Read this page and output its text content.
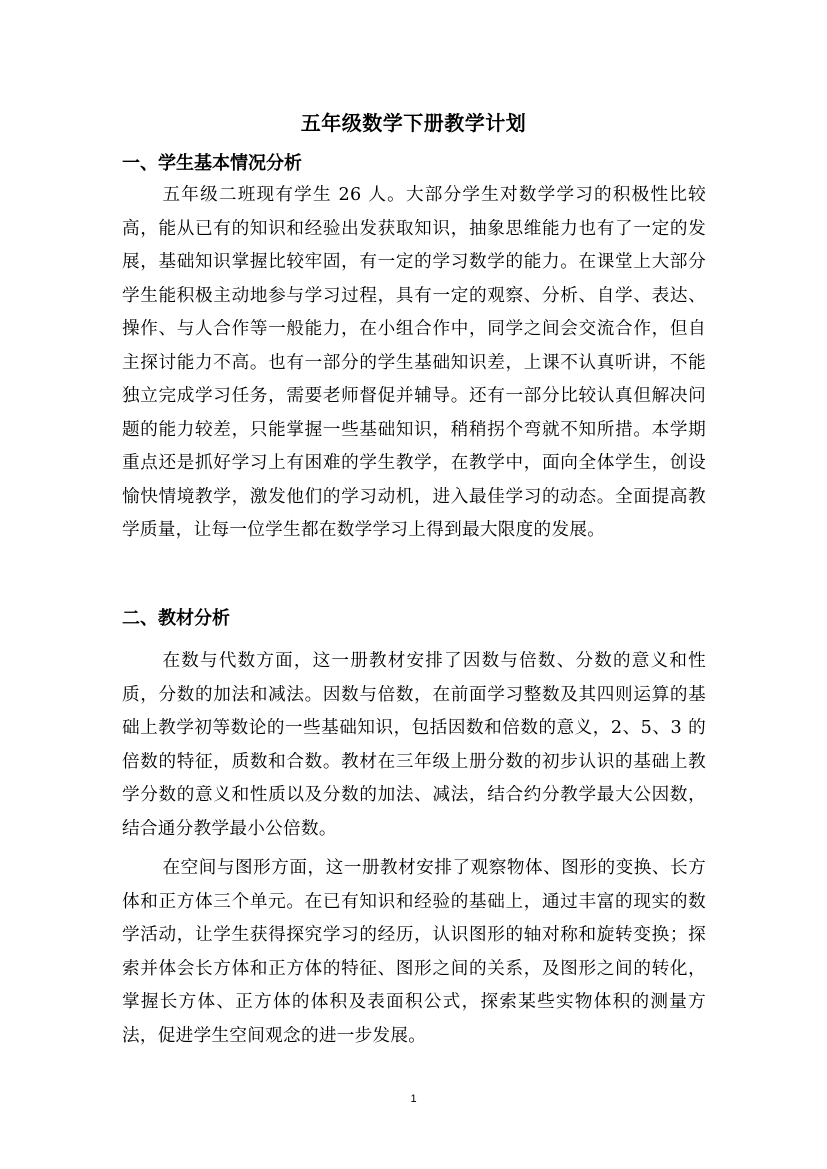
五年级数学下册教学计划
一、学生基本情况分析

五年级二班现有学生 26 人。大部分学生对数学学习的积极性比较高，能从已有的知识和经验出发获取知识，抽象思维能力也有了一定的发展，基础知识掌握比较牢固，有一定的学习数学的能力。在课堂上大部分学生能积极主动地参与学习过程，具有一定的观察、分析、自学、表达、操作、与人合作等一般能力，在小组合作中，同学之间会交流合作，但自主探讨能力不高。也有一部分的学生基础知识差，上课不认真听讲，不能独立完成学习任务，需要老师督促并辅导。还有一部分比较认真但解决问题的能力较差，只能掌握一些基础知识，稍稍拐个弯就不知所措。本学期重点还是抓好学习上有困难的学生教学，在教学中，面向全体学生，创设愉快情境教学，激发他们的学习动机，进入最佳学习的动态。全面提高教学质量，让每一位学生都在数学学习上得到最大限度的发展。

二、教材分析

在数与代数方面，这一册教材安排了因数与倍数、分数的意义和性质，分数的加法和减法。因数与倍数，在前面学习整数及其四则运算的基础上教学初等数论的一些基础知识，包括因数和倍数的意义，2、5、3 的倍数的特征，质数和合数。教材在三年级上册分数的初步认识的基础上教学分数的意义和性质以及分数的加法、减法，结合约分教学最大公因数，结合通分教学最小公倍数。

在空间与图形方面，这一册教材安排了观察物体、图形的变换、长方体和正方体三个单元。在已有知识和经验的基础上，通过丰富的现实的数学活动，让学生获得探究学习的经历，认识图形的轴对称和旋转变换；探索并体会长方体和正方体的特征、图形之间的关系，及图形之间的转化，掌握长方体、正方体的体积及表面积公式，探索某些实物体积的测量方法，促进学生空间观念的进一步发展。

1
